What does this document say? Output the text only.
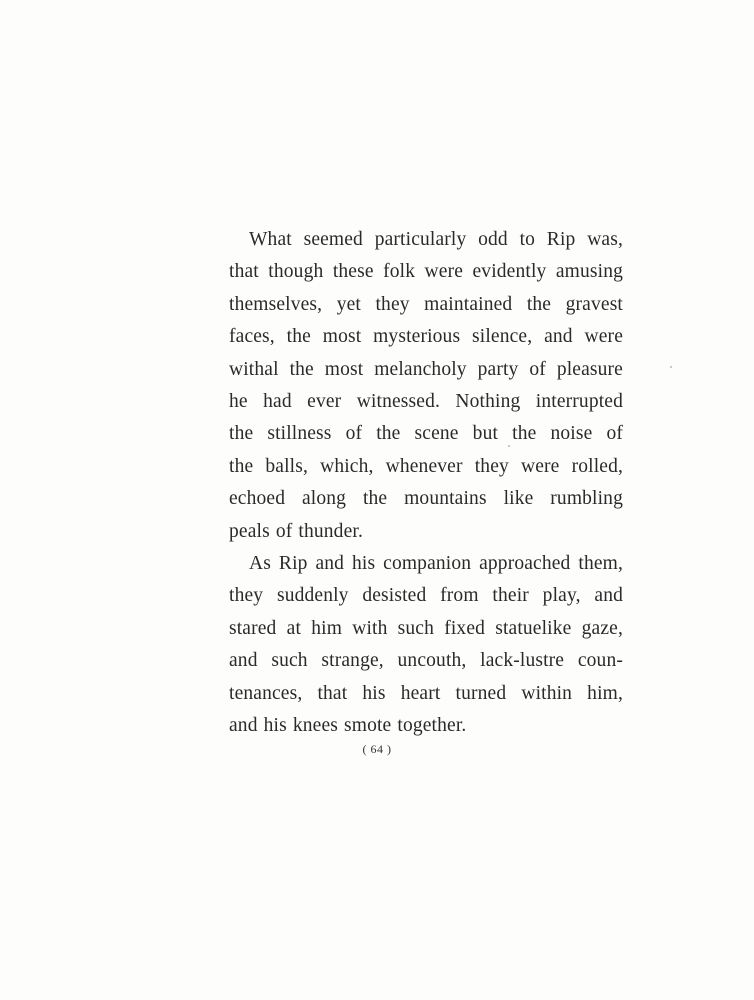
What seemed particularly odd to Rip was,
that though these folk were evidently amusing
themselves, yet they maintained the gravest
faces, the most mysterious silence, and were
withal the most melancholy party of pleasure
he had ever witnessed. Nothing interrupted
the stillness of the scene but the noise of
the balls, which, whenever they were rolled,
echoed along the mountains like rumbling
peals of thunder.

As Rip and his companion approached them,
they suddenly desisted from their play, and
stared at him with such fixed statuelike gaze,
and such strange, uncouth, lack-lustre coun-
tenances, that his heart turned within him,
and his knees smote together.

( 64 )
